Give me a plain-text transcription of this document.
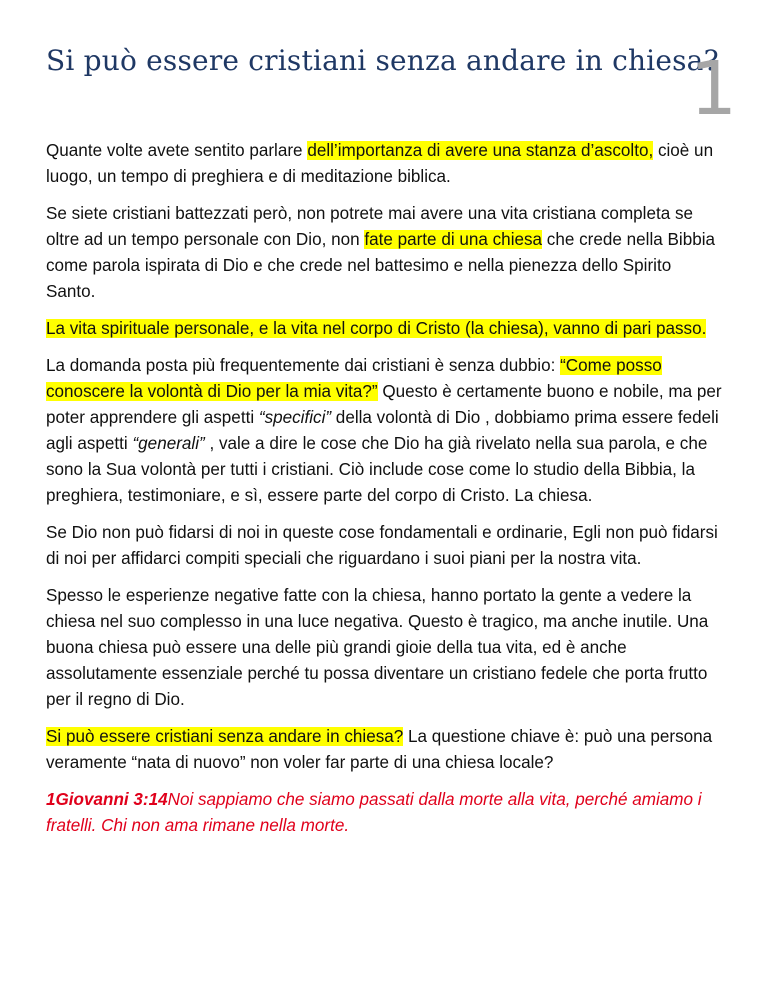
Si può essere cristiani senza andare in chiesa?
1

Quante volte avete sentito parlare dell’importanza di avere una stanza d’ascolto, cioè un luogo, un tempo di preghiera e di meditazione biblica.

Se siete cristiani battezzati però, non potrete mai avere una vita cristiana completa se oltre ad un tempo personale con Dio, non fate parte di una chiesa che crede nella Bibbia come parola ispirata di Dio e che crede nel battesimo e nella pienezza dello Spirito Santo.

La vita spirituale personale, e la vita nel corpo di Cristo (la chiesa), vanno di pari passo.

La domanda posta più frequentemente dai cristiani è senza dubbio: “Come posso conoscere la volontà di Dio per la mia vita?” Questo è certamente buono e nobile, ma per poter apprendere gli aspetti “specifici” della volontà di Dio , dobbiamo prima essere fedeli agli aspetti “generali” , vale a dire le cose che Dio ha già rivelato nella sua parola, e che sono la Sua volontà per tutti i cristiani. Ciò include cose come lo studio della Bibbia, la preghiera, testimoniare, e sì, essere parte del corpo di Cristo. La chiesa.

Se Dio non può fidarsi di noi in queste cose fondamentali e ordinarie, Egli non può fidarsi di noi per affidarci compiti speciali che riguardano i suoi piani per la nostra vita.

Spesso le esperienze negative fatte con la chiesa, hanno portato la gente a vedere la chiesa nel suo complesso in una luce negativa. Questo è tragico, ma anche inutile. Una buona chiesa può essere una delle più grandi gioie della tua vita, ed è anche assolutamente essenziale perché tu possa diventare un cristiano fedele che porta frutto per il regno di Dio.

Si può essere cristiani senza andare in chiesa? La questione chiave è: può una persona veramente “nata di nuovo” non voler far parte di una chiesa locale?

1Giovanni 3:14Noi sappiamo che siamo passati dalla morte alla vita, perché amiamo i fratelli. Chi non ama rimane nella morte.
